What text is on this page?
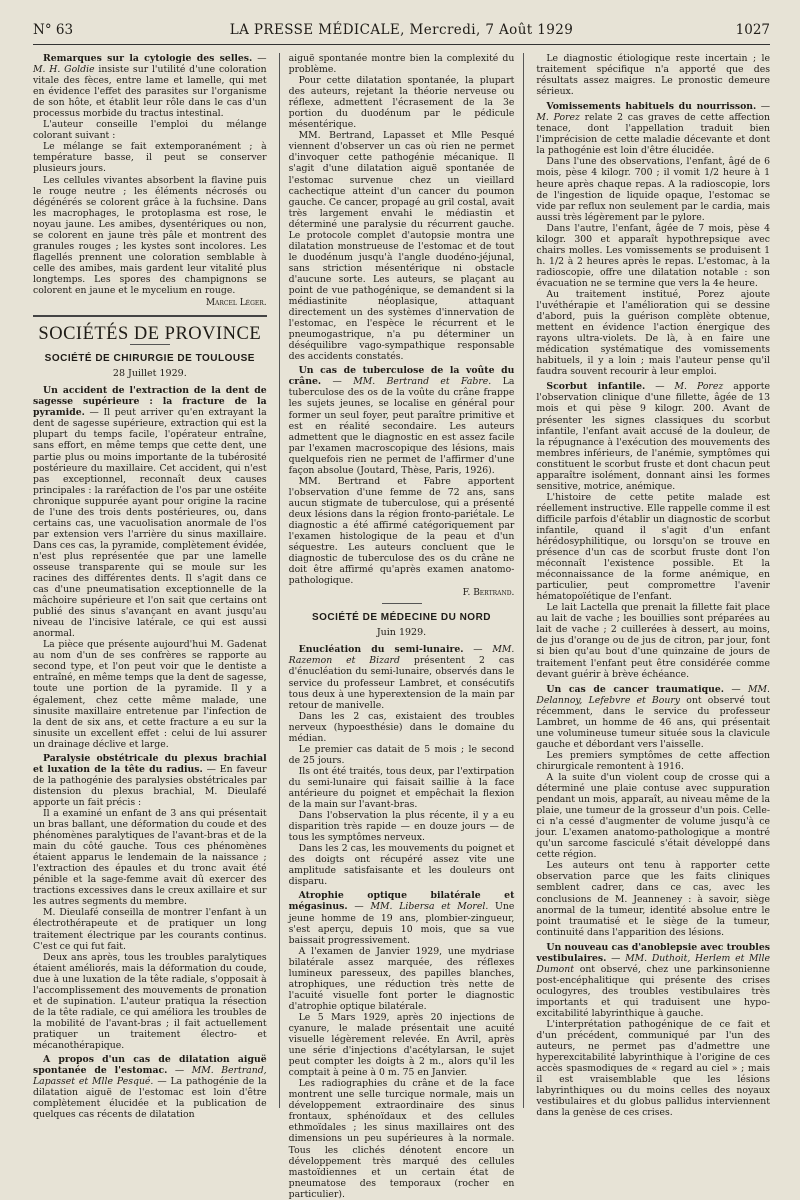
N° 63	LA PRESSE MÉDICALE, Mercredi, 7 Août 1929	1027

Remarques sur la cytologie des selles. — M. H. Goldie insiste sur l'utilité d'une coloration vitale des fèces, entre lame et lamelle, qui met en évidence l'effet des parasites sur l'organisme de son hôte, et établit leur rôle dans le cas d'un processus morbide du tractus intestinal.

L'auteur conseille l'emploi du mélange colorant suivant :

Le mélange se fait extemporanément ; à température basse, il peut se conserver plusieurs jours.

Les cellules vivantes absorbent la flavine puis le rouge neutre ; les éléments nécrosés ou dégénérés se colorent grâce à la fuchsine. Dans les macrophages, le protoplasma est rose, le noyau jaune. Les amibes, dysentériques ou non, se colorent en jaune très pâle et montrent des granules rouges ; les kystes sont incolores. Les flagellés prennent une coloration semblable à celle des amibes, mais gardent leur vitalité plus longtemps. Les spores des champignons se colorent en jaune et le mycelium en rouge.

Marcel Léger.

SOCIÉTÉS DE PROVINCE
SOCIÉTÉ DE CHIRURGIE DE TOULOUSE
28 Juillet 1929.

Un accident de l'extraction de la dent de sagesse supérieure : la fracture de la pyramide. — Il peut arriver qu'en extrayant la dent de sagesse supérieure, extraction qui est la plupart du temps facile, l'opérateur entraîne, sans effort, en même temps que cette dent, une partie plus ou moins importante de la tubérosité postérieure du maxillaire. Cet accident, qui n'est pas exceptionnel, reconnaît deux causes principales : la raréfaction de l'os par une ostéite chronique suppurée ayant pour origine la racine de l'une des trois dents postérieures, ou, dans certains cas, une vacuolisation anormale de l'os par extension vers l'arrière du sinus maxillaire. Dans ces cas, la pyramide, complètement évidée, n'est plus représentée que par une lamelle osseuse transparente qui se moule sur les racines des différentes dents. Il s'agit dans ce cas d'une pneumatisation exceptionnelle de la mâchoire supérieure et l'on sait que certains ont publié des sinus s'avançant en avant jusqu'au niveau de l'incisive latérale, ce qui est aussi anormal.

La pièce que présente aujourd'hui M. Gadenat au nom d'un de ses confrères se rapporte au second type, et l'on peut voir que le dentiste a entraîné, en même temps que la dent de sagesse, toute une portion de la pyramide. Il y a également, chez cette même malade, une sinusite maxillaire entretenue par l'infection de la dent de six ans, et cette fracture a eu sur la sinusite un excellent effet : celui de lui assurer un drainage déclive et large.

Paralysie obstétricale du plexus brachial et luxation de la tête du radius. — En faveur de la pathogénie des paralysies obstétricales par distension du plexus brachial, M. Dieulafé apporte un fait précis :

Il a examiné un enfant de 3 ans qui présentait un bras ballant, une déformation du coude et des phénomènes paralytiques de l'avant-bras et de la main du côté gauche. Tous ces phénomènes étaient apparus le lendemain de la naissance ; l'extraction des épaules et du tronc avait été pénible et la sage-femme avait dû exercer des tractions excessives dans le creux axillaire et sur les autres segments du membre.

M. Dieulafé conseilla de montrer l'enfant à un électrothérapeute et de pratiquer un long traitement électrique par les courants continus. C'est ce qui fut fait.

Deux ans après, tous les troubles paralytiques étaient améliorés, mais la déformation du coude, due à une luxation de la tête radiale, s'opposait à l'accomplissement des mouvements de pronation et de supination. L'auteur pratiqua la résection de la tête radiale, ce qui améliora les troubles de la mobilité de l'avant-bras ; il fait actuellement pratiquer un traitement électro- et mécanothérapique.

A propos d'un cas de dilatation aiguë spontanée de l'estomac. — MM. Bertrand, Lapasset et Mlle Pesqué. — La pathogénie de la dilatation aiguë de l'estomac est loin d'être complètement élucidée et la publication de quelques cas récents de dilatation

aiguë spontanée montre bien la complexité du problème.

Pour cette dilatation spontanée, la plupart des auteurs, rejetant la théorie nerveuse ou réflexe, admettent l'écrasement de la 3e portion du duodénum par le pédicule mésentérique.

MM. Bertrand, Lapasset et Mlle Pesqué viennent d'observer un cas où rien ne permet d'invoquer cette pathogénie mécanique. Il s'agit d'une dilatation aiguë spontanée de l'estomac survenue chez un vieillard cachectique atteint d'un cancer du poumon gauche. Ce cancer, propagé au gril costal, avait très largement envahi le médiastin et déterminé une paralysie du récurrent gauche. Le protocole complet d'autopsie montra une dilatation monstrueuse de l'estomac et de tout le duodénum jusqu'à l'angle duodéno-jéjunal, sans striction mésentérique ni obstacle d'aucune sorte. Les auteurs, se plaçant au point de vue pathogénique, se demandent si la médiastinite néoplasique, attaquant directement un des systèmes d'innervation de l'estomac, en l'espèce le récurrent et le pneumogastrique, n'a pu déterminer un déséquilibre vago-sympathique responsable des accidents constatés.

Un cas de tuberculose de la voûte du crâne. — MM. Bertrand et Fabre. La tuberculose des os de la voûte du crâne frappe les sujets jeunes, se localise en général pour former un seul foyer, peut paraître primitive et est en réalité secondaire. Les auteurs admettent que le diagnostic en est assez facile par l'examen macroscopique des lésions, mais quelquefois rien ne permet de l'affirmer d'une façon absolue (Joutard, Thèse, Paris, 1926).

MM. Bertrand et Fabre apportent l'observation d'une femme de 72 ans, sans aucun stigmate de tuberculose, qui a présenté deux lésions dans la région fronto-pariétale. Le diagnostic a été affirmé catégoriquement par l'examen histologique de la peau et d'un séquestre. Les auteurs concluent que le diagnostic de tuberculose des os du crâne ne doit être affirmé qu'après examen anatomo-pathologique.

F. Bertrand.

SOCIÉTÉ DE MÉDECINE DU NORD
Juin 1929.

Enucléation du semi-lunaire. — MM. Razemon et Bizard présentent 2 cas d'énucléation du semi-lunaire, observés dans le service du professeur Lambret, et consécutifs tous deux à une hyperextension de la main par retour de manivelle.

Dans les 2 cas, existaient des troubles nerveux (hypoesthésie) dans le domaine du médian.

Le premier cas datait de 5 mois ; le second de 25 jours.

Ils ont été traités, tous deux, par l'extirpation du semi-lunaire qui faisait saillie à la face antérieure du poignet et empêchait la flexion de la main sur l'avant-bras.

Dans l'observation la plus récente, il y a eu disparition très rapide — en douze jours — de tous les symptômes nerveux.

Dans les 2 cas, les mouvements du poignet et des doigts ont récupéré assez vite une amplitude satisfaisante et les douleurs ont disparu.

Atrophie optique bilatérale et mégasinus. — MM. Libersa et Morel. Une jeune homme de 19 ans, plombier-zingueur, s'est aperçu, depuis 10 mois, que sa vue baissait progressivement.

A l'examen de Janvier 1929, une mydriase bilatérale assez marquée, des réflexes lumineux paresseux, des papilles blanches, atrophiques, une réduction très nette de l'acuité visuelle font porter le diagnostic d'atrophie optique bilatérale.

Le 5 Mars 1929, après 20 injections de cyanure, le malade présentait une acuité visuelle légèrement relevée. En Avril, après une série d'injections d'acétylarsan, le sujet peut compter les doigts à 2 m., alors qu'il les comptait à peine à 0 m. 75 en Janvier.

Les radiographies du crâne et de la face montrent une selle turcique normale, mais un développement extraordinaire des sinus frontaux, sphénoïdaux et des cellules ethmoïdales ; les sinus maxillaires ont des dimensions un peu supérieures à la normale. Tous les clichés dénotent encore un développement très marqué des cellules mastoïdiennes et un certain état de pneumatose des temporaux (rocher en particulier).

Le diagnostic étiologique reste incertain ; le traitement spécifique n'a apporté que des résultats assez maigres. Le pronostic demeure sérieux.

Vomissements habituels du nourrisson. — M. Porez relate 2 cas graves de cette affection tenace, dont l'appellation traduit bien l'imprécision de cette maladie décevante et dont la pathogénie est loin d'être élucidée.

Dans l'une des observations, l'enfant, âgé de 6 mois, pèse 4 kilogr. 700 ; il vomit 1/2 heure à 1 heure après chaque repas. A la radioscopie, lors de l'ingestion de liquide opaque, l'estomac se vide par reflux non seulement par le cardia, mais aussi très légèrement par le pylore.

Dans l'autre, l'enfant, âgée de 7 mois, pèse 4 kilogr. 300 et apparaît hypothrepsique avec chairs molles. Les vomissements se produisent 1 h. 1/2 à 2 heures après le repas. L'estomac, à la radioscopie, offre une dilatation notable : son évacuation ne se termine que vers la 4e heure.

Au traitement institué, Porez ajoute l'uvéthérapie et l'amélioration qui se dessine d'abord, puis la guérison complète obtenue, mettent en évidence l'action énergique des rayons ultra-violets. De là, à en faire une médication systématique des vomissements habituels, il y a loin ; mais l'auteur pense qu'il faudra souvent recourir à leur emploi.

Scorbut infantile. — M. Porez apporte l'observation clinique d'une fillette, âgée de 13 mois et qui pèse 9 kilogr. 200. Avant de présenter les signes classiques du scorbut infantile, l'enfant avait accusé de la douleur, de la répugnance à l'exécution des mouvements des membres inférieurs, de l'anémie, symptômes qui constituent le scorbut fruste et dont chacun peut apparaître isolément, donnant ainsi les formes sensitive, motrice, anémique.

L'histoire de cette petite malade est réellement instructive. Elle rappelle comme il est difficile parfois d'établir un diagnostic de scorbut infantile, quand il s'agit d'un enfant hérédosyphilitique, ou lorsqu'on se trouve en présence d'un cas de scorbut fruste dont l'on méconnaît l'existence possible. Et la méconnaissance de la forme anémique, en particulier, peut compromettre l'avenir hématopoïétique de l'enfant.

Le lait Lactella que prenait la fillette fait place au lait de vache ; les bouillies sont préparées au lait de vache ; 2 cuillerées à dessert, au moins, de jus d'orange ou de jus de citron, par jour, font si bien qu'au bout d'une quinzaine de jours de traitement l'enfant peut être considérée comme devant guérir à brève échéance.

Un cas de cancer traumatique. — MM. Delannoy, Lefebvre et Boury ont observé tout récemment, dans le service du professeur Lambret, un homme de 46 ans, qui présentait une volumineuse tumeur située sous la clavicule gauche et débordant vers l'aisselle.

Les premiers symptômes de cette affection chirurgicale remontent à 1916.

A la suite d'un violent coup de crosse qui a déterminé une plaie contuse avec suppuration pendant un mois, apparaît, au niveau même de la plaie, une tumeur de la grosseur d'un pois. Celle-ci n'a cessé d'augmenter de volume jusqu'à ce jour. L'examen anatomo-pathologique a montré qu'un sarcome fasciculé s'était développé dans cette région.

Les auteurs ont tenu à rapporter cette observation parce que les faits cliniques semblent cadrer, dans ce cas, avec les conclusions de M. Jeanneney : à savoir, siège anormal de la tumeur, identité absolue entre le point traumatisé et le siège de la tumeur, continuité dans l'apparition des lésions.

Un nouveau cas d'anoblepsie avec troubles vestibulaires. — MM. Duthoit, Herlem et Mlle Dumont ont observé, chez une parkinsonienne post-encéphalitique qui présente des crises oculogyres, des troubles vestibulaires très importants et qui traduisent une hypo-excitabilité labyrinthique à gauche.

L'interprétation pathogénique de ce fait et d'un précédent, communiqué par l'un des auteurs, ne permet pas d'admettre une hyperexcitabilité labyrinthique à l'origine de ces accès spasmodiques de « regard au ciel » ; mais il est vraisemblable que les lésions labyrinthiques ou du moins celles des noyaux vestibulaires et du globus pallidus interviennent dans la genèse de ces crises.
